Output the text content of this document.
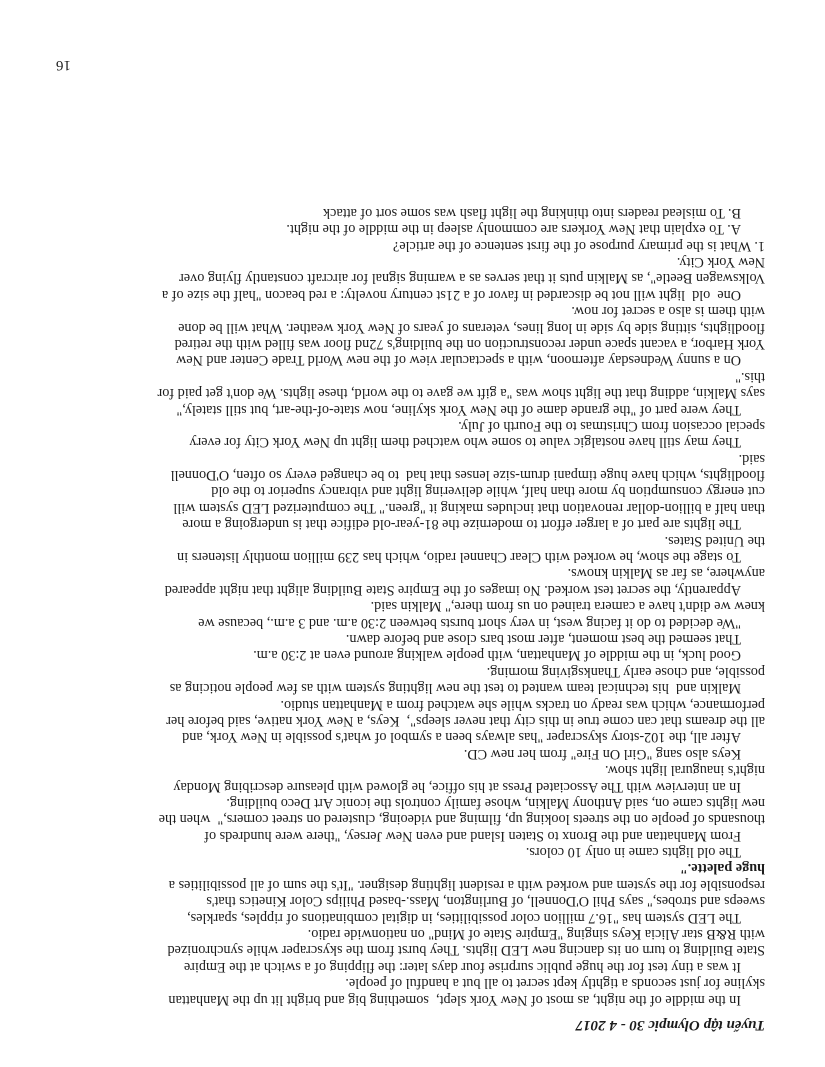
Tuyển tập Olympic 30 - 4 2017
In the middle of the night, as most of New York slept,  something big and bright lit up the Manhattan
skyline for just seconds a tightly kept secret to all but a handful of people.
It was a tiny test for the huge public surprise four days later: the flipping of a switch at the Empire
State Building to turn on its dancing new LED lights. They burst from the skyscraper while synchronized
with R&B star Alicia Keys singing "Empire State of Mind" on nationwide radio.
The LED system has "16.7 million color possibilities, in digital combinations of ripples, sparkles,
sweeps and strobes," says Phil O'Donnell, of Burlington, Mass.-based Philips Color Kinetics that's
responsible for the system and worked with a resident lighting designer. "It's the sum of all possibilities a
huge palette."
The old lights came in only 10 colors.
From Manhattan and the Bronx to Staten Island and even New Jersey, "there were hundreds of
thousands of people on the streets looking up, filming and videoing, clustered on street corners,"  when the
new lights came on, said Anthony Malkin, whose family controls the iconic Art Deco building.
In an interview with The Associated Press at his office, he glowed with pleasure describing Monday
night's inaugural light show.
Keys also sang "Girl On Fire" from her new CD.
After all, the 102-story skyscraper "has always been a symbol of what's possible in New York, and
all the dreams that can come true in this city that never sleeps",  Keys, a New York native, said before her
performance, which was ready on tracks while she watched from a Manhattan studio.
Malkin and  his technical team wanted to test the new lighting system with as few people noticing as
possible, and chose early Thanksgiving morning.
Good luck, in the middle of Manhattan, with people walking around even at 2:30 a.m.
That seemed the best moment, after most bars close and before dawn.
"We decided to do it facing west, in very short bursts between 2:30 a.m. and 3 a.m., because we
knew we didn't have a camera trained on us from there," Malkin said.
Apparently, the secret test worked. No images of the Empire State Building alight that night appeared
anywhere, as far as Malkin knows.
To stage the show, he worked with Clear Channel radio, which has 239 million monthly listeners in
the United States.
The lights are part of a larger effort to modernize the 81-year-old edifice that is undergoing a more
than half a billion-dollar renovation that includes making it "green." The computerized LED system will
cut energy consumption by more than half, while delivering light and vibrancy superior to the old
floodlights, which have huge timpani drum-size lenses that had  to be changed every so often, O'Donnell
said.
They may still have nostalgic value to some who watched them light up New York City for every
special occasion from Christmas to the Fourth of July.
They were part of "the grande dame of the New York skyline, now state-of-the-art, but still stately,"
says Malkin, adding that the light show was "a gift we gave to the world, these lights. We don't get paid for
this."
On a sunny Wednesday afternoon, with a spectacular view of the new World Trade Center and New
York Harbor, a vacant space under reconstruction on the building's 72nd floor was filled with the retired
floodlights, sitting side by side in long lines, veterans of years of New York weather. What will be done
with them is also a secret for now.
One  old  light will not be discarded in favor of a 21st century novelty: a red beacon "half the size of a
Volkswagen Beetle", as Malkin puts it that serves as a warning signal for aircraft constantly flying over
New York City.
1. What is the primary purpose of the first sentence of the article?
A. To explain that New Yorkers are commonly asleep in the middle of the night.
B. To mislead readers into thinking the light flash was some sort of attack
16
